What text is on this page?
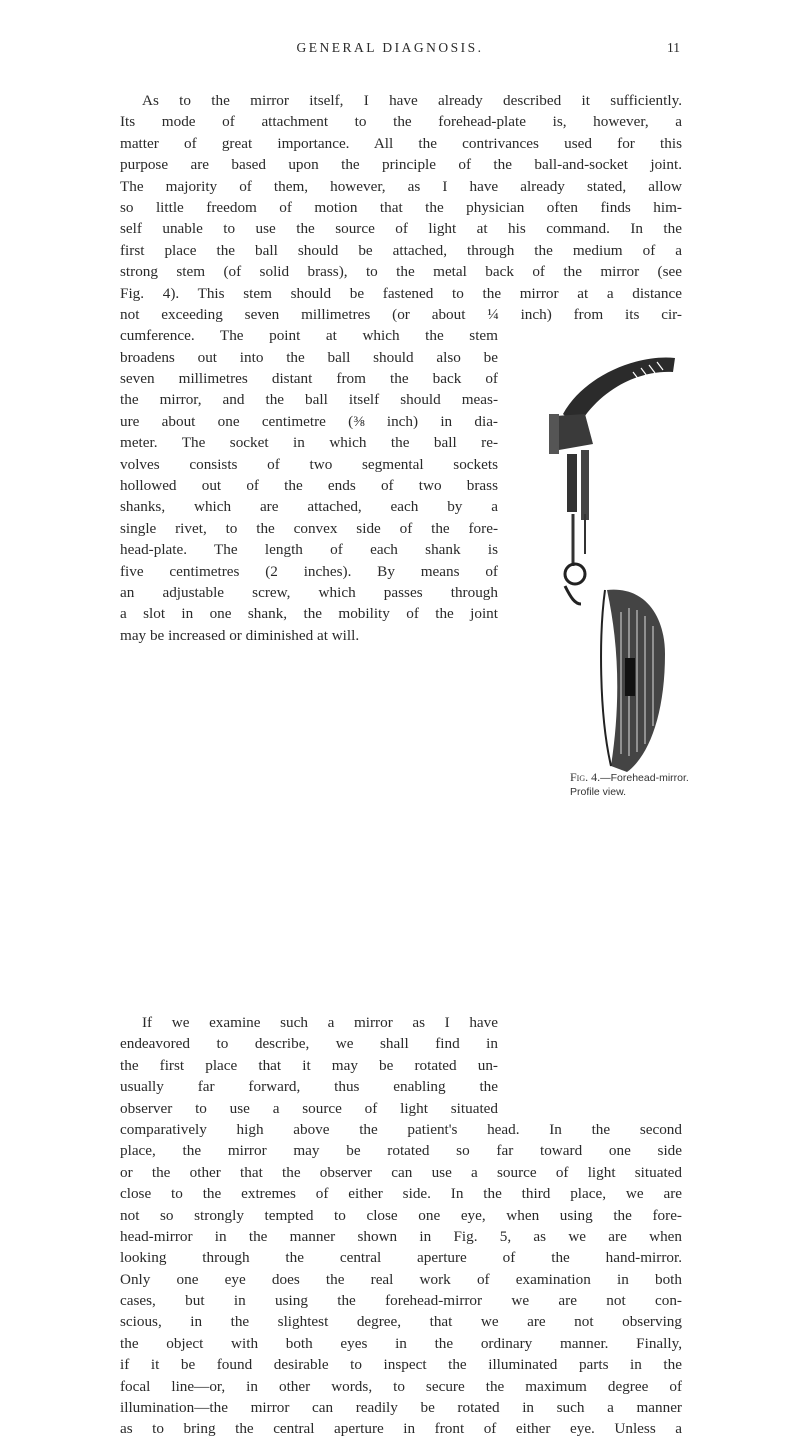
GENERAL DIAGNOSIS.	11
As to the mirror itself, I have already described it sufficiently.
Its mode of attachment to the forehead-plate is, however, a
matter of great importance. All the contrivances used for this
purpose are based upon the principle of the ball-and-socket joint.
The majority of them, however, as I have already stated, allow
so little freedom of motion that the physician often finds him-
self unable to use the source of light at his command. In the
first place the ball should be attached, through the medium of a
strong stem (of solid brass), to the metal back of the mirror (see
Fig. 4). This stem should be fastened to the mirror at a distance
not exceeding seven millimetres (or about ¼ inch) from its cir-
cumference. The point at which the stem
broadens out into the ball should also be
seven millimetres distant from the back of
the mirror, and the ball itself should meas-
ure about one centimetre (⅜ inch) in dia-
meter. The socket in which the ball re-
volves consists of two segmental sockets
hollowed out of the ends of two brass
shanks, which are attached, each by a
single rivet, to the convex side of the fore-
head-plate. The length of each shank is
five centimetres (2 inches). By means of
an adjustable screw, which passes through
a slot in one shank, the mobility of the joint
may be increased or diminished at will.
If we examine such a mirror as I have
endeavored to describe, we shall find in
the first place that it may be rotated un-
usually far forward, thus enabling the
observer to use a source of light situated
comparatively high above the patient's head. In the second
place, the mirror may be rotated so far toward one side
or the other that the observer can use a source of light situated
close to the extremes of either side. In the third place, we are
not so strongly tempted to close one eye, when using the fore-
head-mirror in the manner shown in Fig. 5, as we are when
looking through the central aperture of the hand-mirror.
Only one eye does the real work of examination in both
cases, but in using the forehead-mirror we are not con-
scious, in the slightest degree, that we are not observing
the object with both eyes in the ordinary manner. Finally,
if it be found desirable to inspect the illuminated parts in the
focal line—or, in other words, to secure the maximum degree of
illumination—the mirror can readily be rotated in such a manner
as to bring the central aperture in front of either eye. Unless a
Fig. 4.—Forehead-mirror. Profile view.
